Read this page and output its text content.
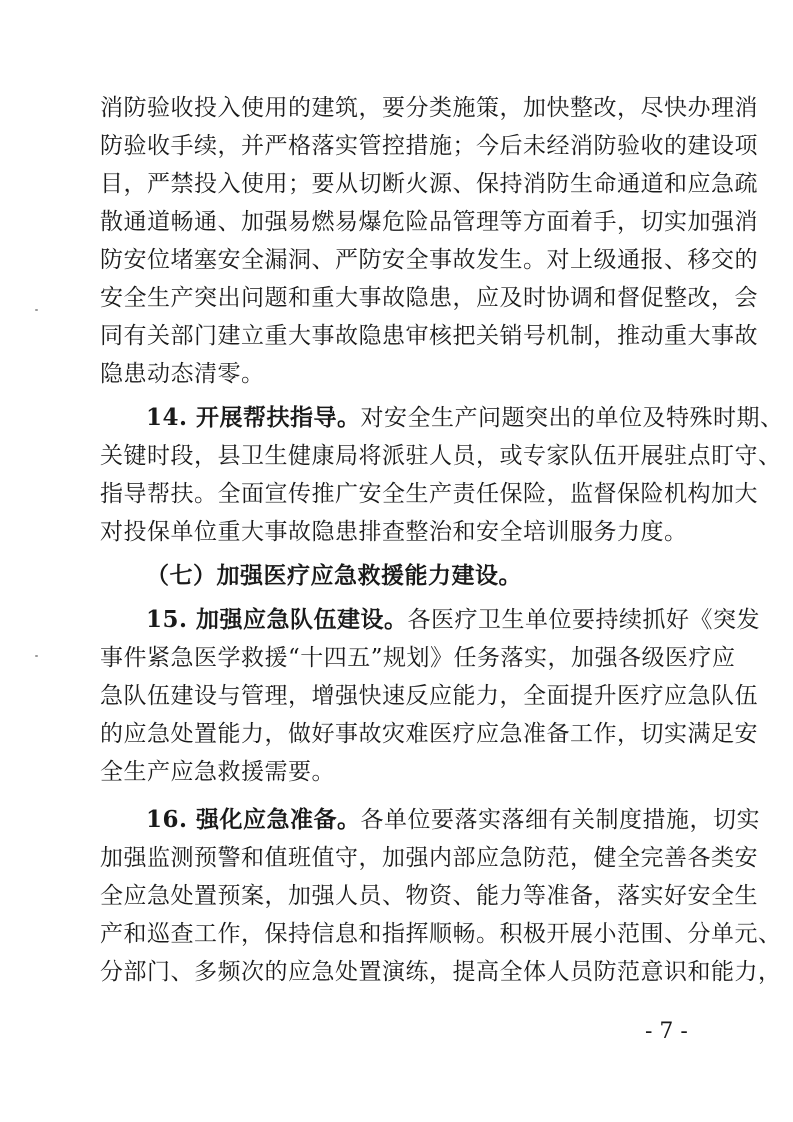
消 防 验 收 投 入 使 用 的 建 筑 ， 要 分 类 施 策 ， 加 快 整 改 ， 尽 快 办 理 消
防 验 收 手 续 ， 并 严 格 落 实 管 控 措 施 ； 今 后 未 经 消 防 验 收 的 建 设 项
目 ， 严 禁 投 入 使 用 ； 要 从 切 断 火 源 、 保 持 消 防 生 命 通 道 和 应 急 疏
散 通 道 畅 通 、 加 强 易 燃 易 爆 危 险 品 管 理 等 方 面 着 手 ， 切 实 加 强 消
防 安 位 堵 塞 安 全 漏 洞 、 严 防 安 全 事 故 发 生 。 对 上 级 通 报 、 移 交 的
安 全 生 产 突 出 问 题 和 重 大 事 故 隐 患 ， 应 及 时 协 调 和 督 促 整 改 ， 会
同 有 关 部 门 建 立 重 大 事 故 隐 患 审 核 把 关 销 号 机 制 ， 推 动 重 大 事 故
隐患动态清零。
14. 开展帮扶指导。对安全生产问题突出的单位及特殊时期、
关 键 时 段 ， 县 卫 生 健 康 局 将 派 驻 人 员 ， 或 专 家 队 伍 开 展 驻 点 盯 守 、
指 导 帮 扶 。 全 面 宣 传 推 广 安 全 生 产 责 任 保 险 ， 监 督 保 险 机 构 加 大
对投保单位重大事故隐患排查整治和安全培训服务力度。
（七）加强医疗应急救援能力建设。
15. 加强应急队伍建设。各医疗卫生单位要持续抓好《突发
事 件 紧 急 医 学 救 援 “ 十 四 五 ” 规 划 》 任 务 落 实 ， 加 强 各 级 医 疗 应
急 队 伍 建 设 与 管 理 ， 增 强 快 速 反 应 能 力 ， 全 面 提 升 医 疗 应 急 队 伍
的 应 急 处 置 能 力 ， 做 好 事 故 灾 难 医 疗 应 急 准 备 工 作 ， 切 实 满 足 安
全生产应急救援需要。
16. 强化应急准备。各单位要落实落细有关制度措施，切实
加 强 监 测 预 警 和 值 班 值 守 ， 加 强 内 部 应 急 防 范 ， 健 全 完 善 各 类 安
全 应 急 处 置 预 案 ， 加 强 人 员 、 物 资 、 能 力 等 准 备 ， 落 实 好 安 全 生
产 和 巡 查 工 作 ， 保 持 信 息 和 指 挥 顺 畅 。 积 极 开 展 小 范 围 、 分 单 元 、
分 部 门 、 多 频 次 的 应 急 处 置 演 练 ， 提 高 全 体 人 员 防 范 意 识 和 能 力 ，
- 7 -
